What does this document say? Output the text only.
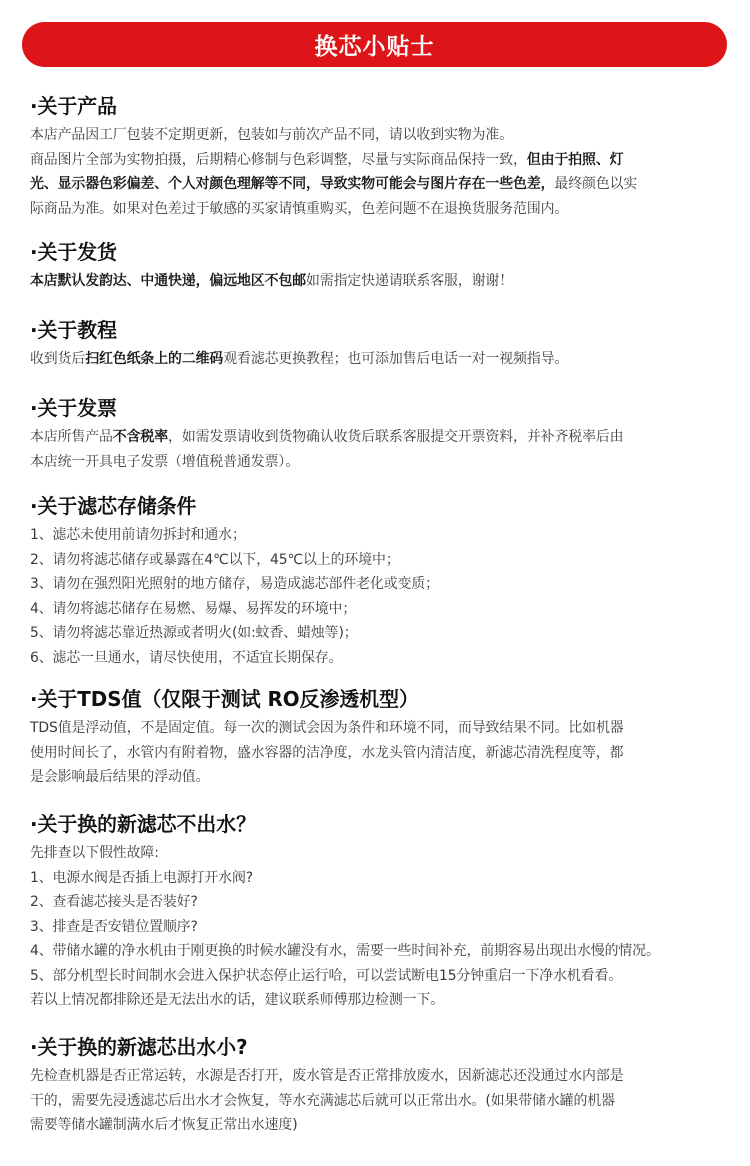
换芯小贴士
·关于产品
本店产品因工厂包装不定期更新，包装如与前次产品不同，请以收到实物为准。
商品图片全部为实物拍摄，后期精心修制与色彩调整，尽量与实际商品保持一致，但由于拍照、灯
光、显示器色彩偏差、个人对颜色理解等不同，导致实物可能会与图片存在一些色差，最终颜色以实
际商品为准。如果对色差过于敏感的买家请慎重购买，色差问题不在退换货服务范围内。
·关于发货
本店默认发韵达、中通快递，偏远地区不包邮如需指定快递请联系客服，谢谢！
·关于教程
收到货后扫红色纸条上的二维码观看滤芯更换教程；也可添加售后电话一对一视频指导。
·关于发票
本店所售产品不含税率，如需发票请收到货物确认收货后联系客服提交开票资料，并补齐税率后由
本店统一开具电子发票（增值税普通发票）。
·关于滤芯存储条件
1、滤芯未使用前请勿拆封和通水；
2、请勿将滤芯储存或暴露在4℃以下，45℃以上的环境中；
3、请勿在强烈阳光照射的地方储存，易造成滤芯部件老化或变质；
4、请勿将滤芯储存在易燃、易爆、易挥发的环境中；
5、请勿将滤芯靠近热源或者明火(如:蚊香、蜡烛等)；
6、滤芯一旦通水，请尽快使用，不适宜长期保存。
·关于TDS值（仅限于测试 RO反渗透机型）
TDS值是浮动值，不是固定值。每一次的测试会因为条件和环境不同，而导致结果不同。比如机器
使用时间长了，水管内有附着物，盛水容器的洁净度，水龙头管内清洁度，新滤芯清洗程度等，都
是会影响最后结果的浮动值。
·关于换的新滤芯不出水？
先排查以下假性故障:
1、电源水阀是否插上电源打开水阀?
2、查看滤芯接头是否装好?
3、排查是否安错位置顺序?
4、带储水罐的净水机由于刚更换的时候水罐没有水，需要一些时间补充，前期容易出现出水慢的情况。
5、部分机型长时间制水会进入保护状态停止运行哈，可以尝试断电15分钟重启一下净水机看看。
若以上情况都排除还是无法出水的话，建议联系师傅那边检测一下。
·关于换的新滤芯出水小?
先检查机器是否正常运转，水源是否打开，废水管是否正常排放废水，因新滤芯还没通过水内部是
干的，需要先浸透滤芯后出水才会恢复，等水充满滤芯后就可以正常出水。(如果带储水罐的机器
需要等储水罐制满水后才恢复正常出水速度)
